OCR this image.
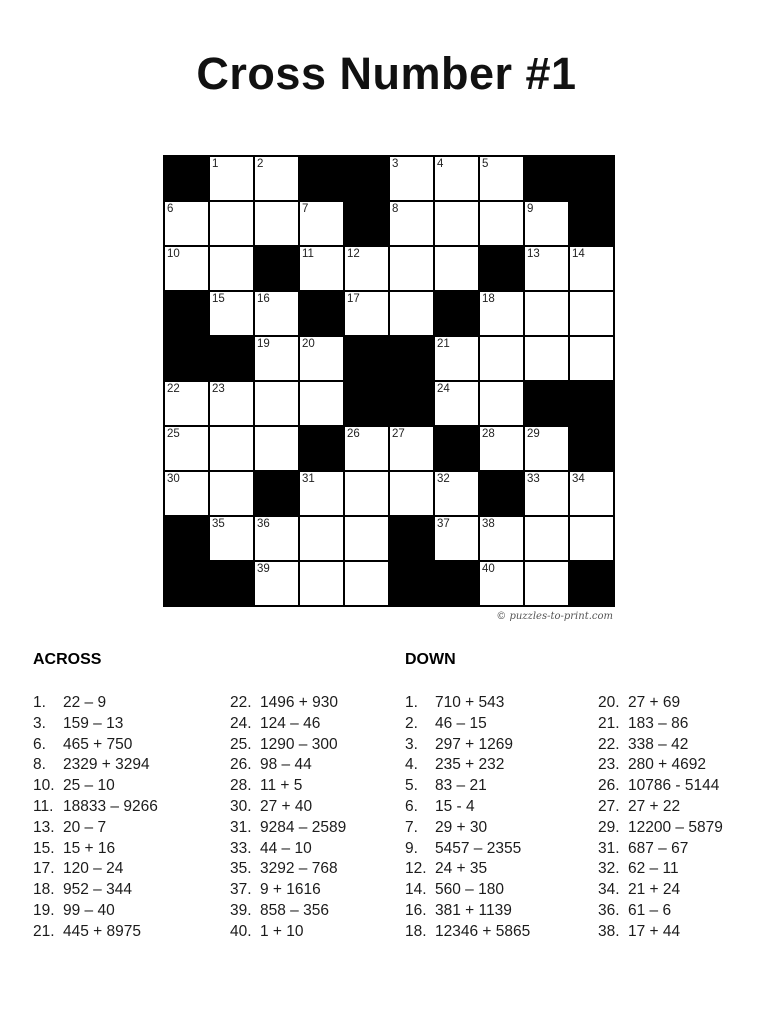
Cross Number #1
1	2	3	4	5
6	7	8	9
10	11	12	13	14
15	16	17	18
19	20	21
22	23	24
25	26	27	28	29
30	31	32	33	34
35	36	37	38
39	40
© puzzles-to-print.com
ACROSS	DOWN
1.	22 – 9
3.	159 – 13
6.	465 + 750
8.	2329 + 3294
10. 25 – 10
11. 18833 – 9266
13. 20 – 7
15. 15 + 16
17. 120 – 24
18. 952 – 344
19. 99 – 40
21. 445 + 8975
22. 1496 + 930
24. 124 – 46
25. 1290 – 300
26. 98 – 44
28. 11 + 5
30. 27 + 40
31. 9284 – 2589
33. 44 – 10
35. 3292 – 768
37. 9 + 1616
39. 858 – 356
40. 1 + 10
1.	710 + 543
2.	46 – 15
3.	297 + 1269
4.	235 + 232
5.	83 – 21
6.	15 - 4
7.	29 + 30
9.	5457 – 2355
12. 24 + 35
14. 560 – 180
16. 381 + 1139
18. 12346 + 5865
20. 27 + 69
21. 183 – 86
22. 338 – 42
23. 280 + 4692
26. 10786 - 5144
27. 27 + 22
29. 12200 – 5879
31. 687 – 67
32. 62 – 11
34. 21 + 24
36. 61 – 6
38. 17 + 44
